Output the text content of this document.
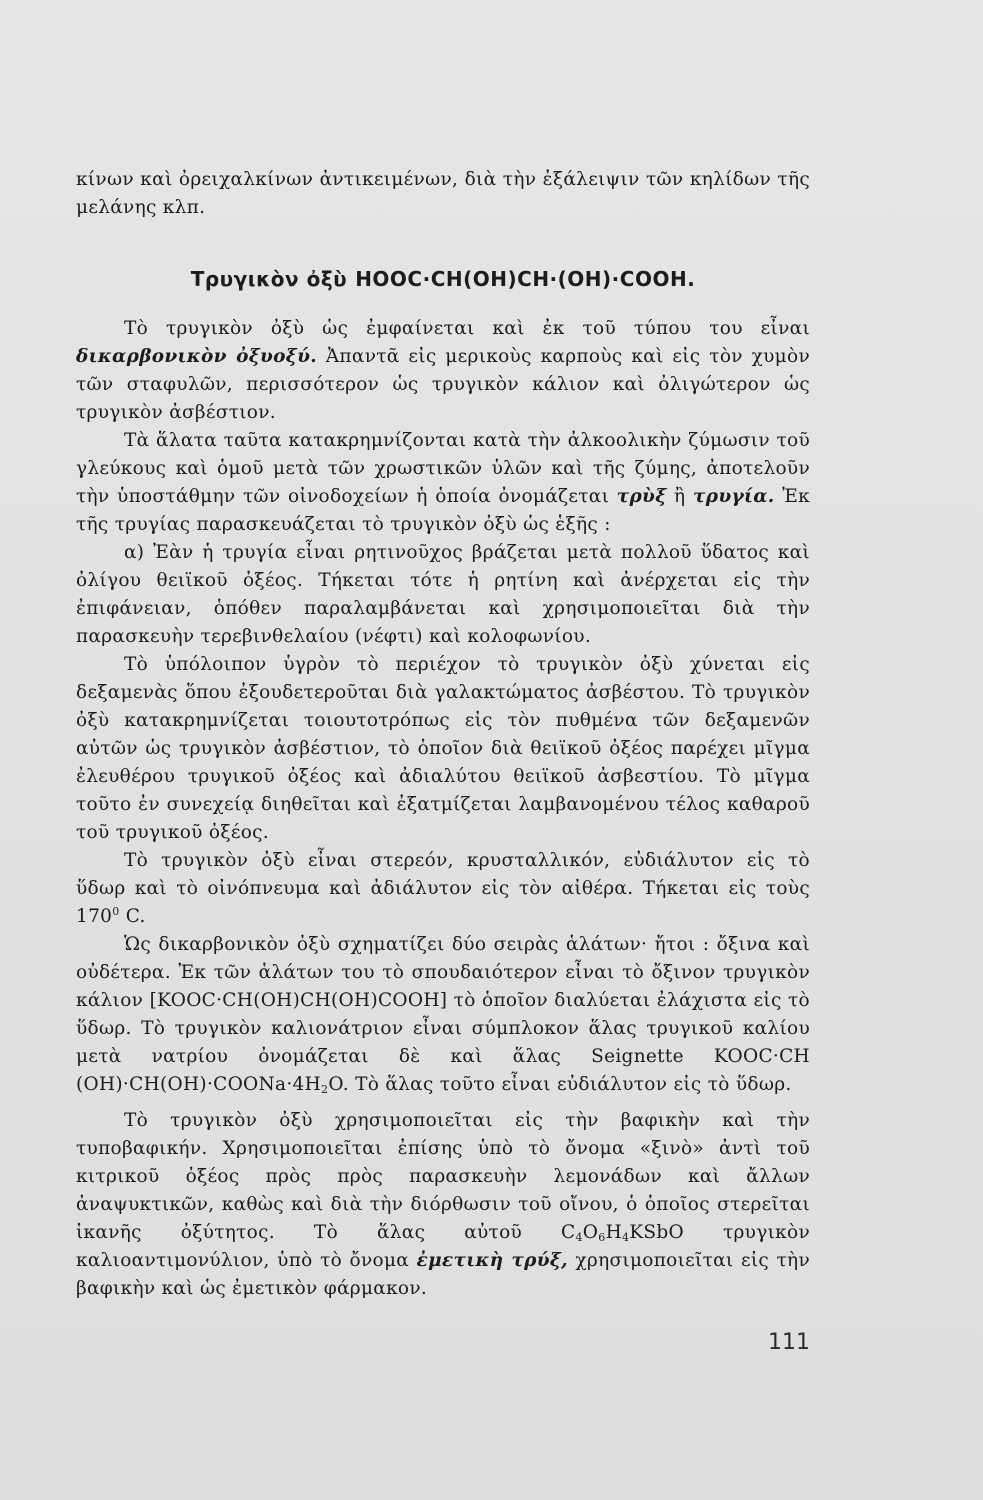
κίνων καὶ ὀρειχαλκίνων ἀντικειμένων, διὰ τὴν ἐξάλειψιν τῶν κηλίδων τῆς μελάνης κλπ.

Τρυγικὸν ὀξὺ HOOC·CH(OH)CH·(OH)·COOH.

Τὸ τρυγικὸν ὀξὺ ὡς ἐμφαίνεται καὶ ἐκ τοῦ τύπου του εἶναι δικαρβονικὸν ὀξυοξύ. Ἀπαντᾶ εἰς μερικοὺς καρποὺς καὶ εἰς τὸν χυμὸν τῶν σταφυλῶν, περισσότερον ὡς τρυγικὸν κάλιον καὶ ὀλιγώτερον ὡς τρυγικὸν ἀσβέστιον.

Τὰ ἅλατα ταῦτα κατακρημνίζονται κατὰ τὴν ἀλκοολικὴν ζύμωσιν τοῦ γλεύκους καὶ ὁμοῦ μετὰ τῶν χρωστικῶν ὑλῶν καὶ τῆς ζύμης, ἀποτελοῦν τὴν ὑποστάθμην τῶν οἰνοδοχείων ἡ ὁποία ὀνομάζεται τρὺξ ἢ τρυγία. Ἐκ τῆς τρυγίας παρασκευάζεται τὸ τρυγικὸν ὀξὺ ὡς ἑξῆς :

α) Ἐὰν ἡ τρυγία εἶναι ρητινοῦχος βράζεται μετὰ πολλοῦ ὕδατος καὶ ὀλίγου θειϊκοῦ ὀξέος. Τήκεται τότε ἡ ρητίνη καὶ ἀνέρχεται εἰς τὴν ἐπιφάνειαν, ὁπόθεν παραλαμβάνεται καὶ χρησιμοποιεῖται διὰ τὴν παρασκευὴν τερεβινθελαίου (νέφτι) καὶ κολοφωνίου.

Τὸ ὑπόλοιπον ὑγρὸν τὸ περιέχον τὸ τρυγικὸν ὀξὺ χύνεται εἰς δεξαμενὰς ὅπου ἐξουδετεροῦται διὰ γαλακτώματος ἀσβέστου. Τὸ τρυγικὸν ὀξὺ κατακρημνίζεται τοιουτοτρόπως εἰς τὸν πυθμένα τῶν δεξαμενῶν αὐτῶν ὡς τρυγικὸν ἀσβέστιον, τὸ ὁποῖον διὰ θειϊκοῦ ὀξέος παρέχει μῖγμα ἐλευθέρου τρυγικοῦ ὀξέος καὶ ἀδιαλύτου θειϊκοῦ ἀσβεστίου. Τὸ μῖγμα τοῦτο ἐν συνεχείᾳ διηθεῖται καὶ ἐξατμίζεται λαμβανομένου τέλος καθαροῦ τοῦ τρυγικοῦ ὀξέος.

Τὸ τρυγικὸν ὀξὺ εἶναι στερεόν, κρυσταλλικόν, εὐδιάλυτον εἰς τὸ ὕδωρ καὶ τὸ οἰνόπνευμα καὶ ἀδιάλυτον εἰς τὸν αἰθέρα. Τήκεται εἰς τοὺς $170^0$ C.

Ὡς δικαρβονικὸν ὀξὺ σχηματίζει δύο σειρὰς ἁλάτων· ἤτοι : ὄξινα καὶ οὐδέτερα. Ἐκ τῶν ἁλάτων του τὸ σπουδαιότερον εἶναι τὸ ὄξινον τρυγικὸν κάλιον [KOOC·CH(OH)CH(OH)COOH] τὸ ὁποῖον διαλύεται ἐλάχιστα εἰς τὸ ὕδωρ. Τὸ τρυγικὸν καλιονάτριον εἶναι σύμπλοκον ἅλας τρυγικοῦ καλίου μετὰ νατρίου ὀνομάζεται δὲ καὶ ἅλας Seignette KOOC·CH $(OH)\cdot CH(OH)\cdot COONa\cdot 4H_2O$. Τὸ ἅλας τοῦτο εἶναι εὐδιάλυτον εἰς τὸ ὕδωρ.

Τὸ τρυγικὸν ὀξὺ χρησιμοποιεῖται εἰς τὴν βαφικὴν καὶ τὴν τυποβαφικήν. Χρησιμοποιεῖται ἐπίσης ὑπὸ τὸ ὄνομα «ξινὸ» ἀντὶ τοῦ κιτρικοῦ ὀξέος πρὸς πρὸς παρασκευὴν λεμονάδων καὶ ἄλλων ἀναψυκτικῶν, καθὼς καὶ διὰ τὴν διόρθωσιν τοῦ οἴνου, ὁ ὁποῖος στερεῖται ἱκανῆς ὀξύτητος. Τὸ ἅλας αὐτοῦ $C_4O_6H_4KSbO$ τρυγικὸν καλιοαντιμονύλιον, ὑπὸ τὸ ὄνομα ἐμετικὴ τρύξ, χρησιμοποιεῖται εἰς τὴν βαφικὴν καὶ ὡς ἐμετικὸν φάρμακον.

111
